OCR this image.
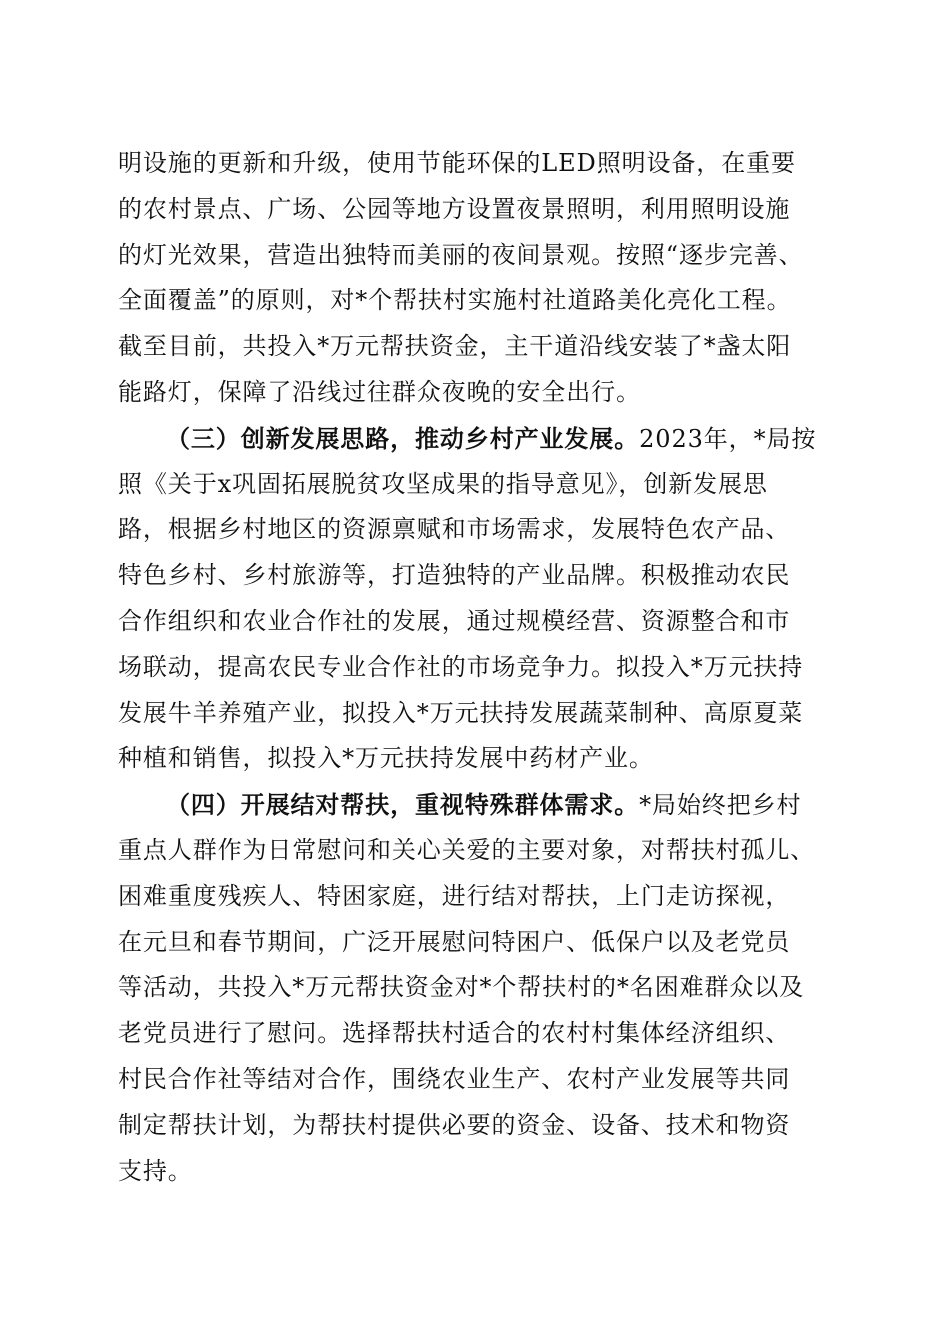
明设施的更新和升级，使用节能环保的LED照明设备，在重要
的农村景点、广场、公园等地方设置夜景照明，利用照明设施
的灯光效果，营造出独特而美丽的夜间景观。按照“逐步完善、
全面覆盖”的原则，对*个帮扶村实施村社道路美化亮化工程。
截至目前，共投入*万元帮扶资金，主干道沿线安装了*盏太阳
能路灯，保障了沿线过往群众夜晚的安全出行。
（三）创新发展思路，推动乡村产业发展。2023年，*局按
照《关于x巩固拓展脱贫攻坚成果的指导意见》，创新发展思
路，根据乡村地区的资源禀赋和市场需求，发展特色农产品、
特色乡村、乡村旅游等，打造独特的产业品牌。积极推动农民
合作组织和农业合作社的发展，通过规模经营、资源整合和市
场联动，提高农民专业合作社的市场竞争力。拟投入*万元扶持
发展牛羊养殖产业，拟投入*万元扶持发展蔬菜制种、高原夏菜
种植和销售，拟投入*万元扶持发展中药材产业。
（四）开展结对帮扶，重视特殊群体需求。*局始终把乡村
重点人群作为日常慰问和关心关爱的主要对象，对帮扶村孤儿、
困难重度残疾人、特困家庭，进行结对帮扶，上门走访探视，
在元旦和春节期间，广泛开展慰问特困户、低保户以及老党员
等活动，共投入*万元帮扶资金对*个帮扶村的*名困难群众以及
老党员进行了慰问。选择帮扶村适合的农村村集体经济组织、
村民合作社等结对合作，围绕农业生产、农村产业发展等共同
制定帮扶计划，为帮扶村提供必要的资金、设备、技术和物资
支持。
